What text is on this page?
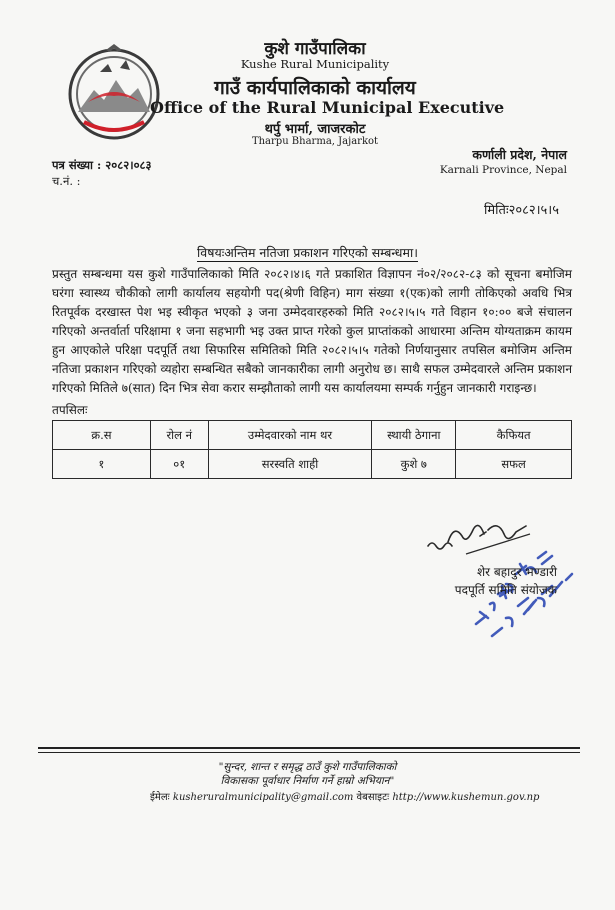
कुशे गाउँपालिका
Kushe Rural Municipality
गाउँ कार्यपालिकाको कार्यालय
Office of the Rural Municipal Executive
थर्पु भार्मा, जाजरकोट
Tharpu Bharma, Jajarkot
पत्र संख्या : २०८२।०८३
च.नं. :
कर्णाली प्रदेश, नेपाल
Karnali Province, Nepal
मितिः२०८२।५।५
विषयःअन्तिम नतिजा प्रकाशन गरिएको सम्बन्धमा।

प्रस्तुत सम्बन्धमा यस कुशे गाउँपालिकाको मिति २०८२।४।६ गते प्रकाशित विज्ञापन नं०२/२०८२-८३ को सूचना बमोजिम घरंगा स्वास्थ्य चौकीको लागी कार्यालय सहयोगी पद(श्रेणी विहिन) माग संख्या १(एक)को लागी तोकिएको अवधि भित्र रितपूर्वक दरखास्त पेश भइ स्वीकृत भएको ३ जना उम्मेदवारहरुको मिति २०८२।५।५ गते विहान १०:०० बजे संचालन गरिएको अन्तर्वार्ता परिक्षामा १ जना सहभागी भइ उक्त प्राप्त गरेको कुल प्राप्तांकको आधारमा अन्तिम योग्यताक्रम कायम हुन आएकोले परिक्षा पदपूर्ति तथा सिफारिस समितिको मिति २०८२।५।५ गतेको निर्णयानुसार तपसिल बमोजिम अन्तिम नतिजा प्रकाशन गरिएको व्यहोरा सम्बन्धित सबैको जानकारीका लागी अनुरोध छ। साथै सफल उम्मेदवारले अन्तिम प्रकाशन गरिएको मितिले ७(सात) दिन भित्र सेवा करार सम्झौताको लागी यस कार्यालयमा सम्पर्क गर्नुहुन जानकारी गराइन्छ।

तपसिलः
क्र.स	रोल नं	उम्मेदवारको नाम थर	स्थायी ठेगाना	कैफियत
१	०१	सरस्वति शाही	कुशे ७	सफल
शेर बहादुर भण्डारी
पदपूर्ति समिति संयोजक
"सुन्दर, शान्त र समृद्ध ठाउँ कुशे गाउँपालिकाको
विकासका पूर्वाधार निर्माण गर्ने हाम्रो अभियान"
ईमेलः kusheruralmunicipality@gmail.com वेबसाइटः http://www.kushemun.gov.np
